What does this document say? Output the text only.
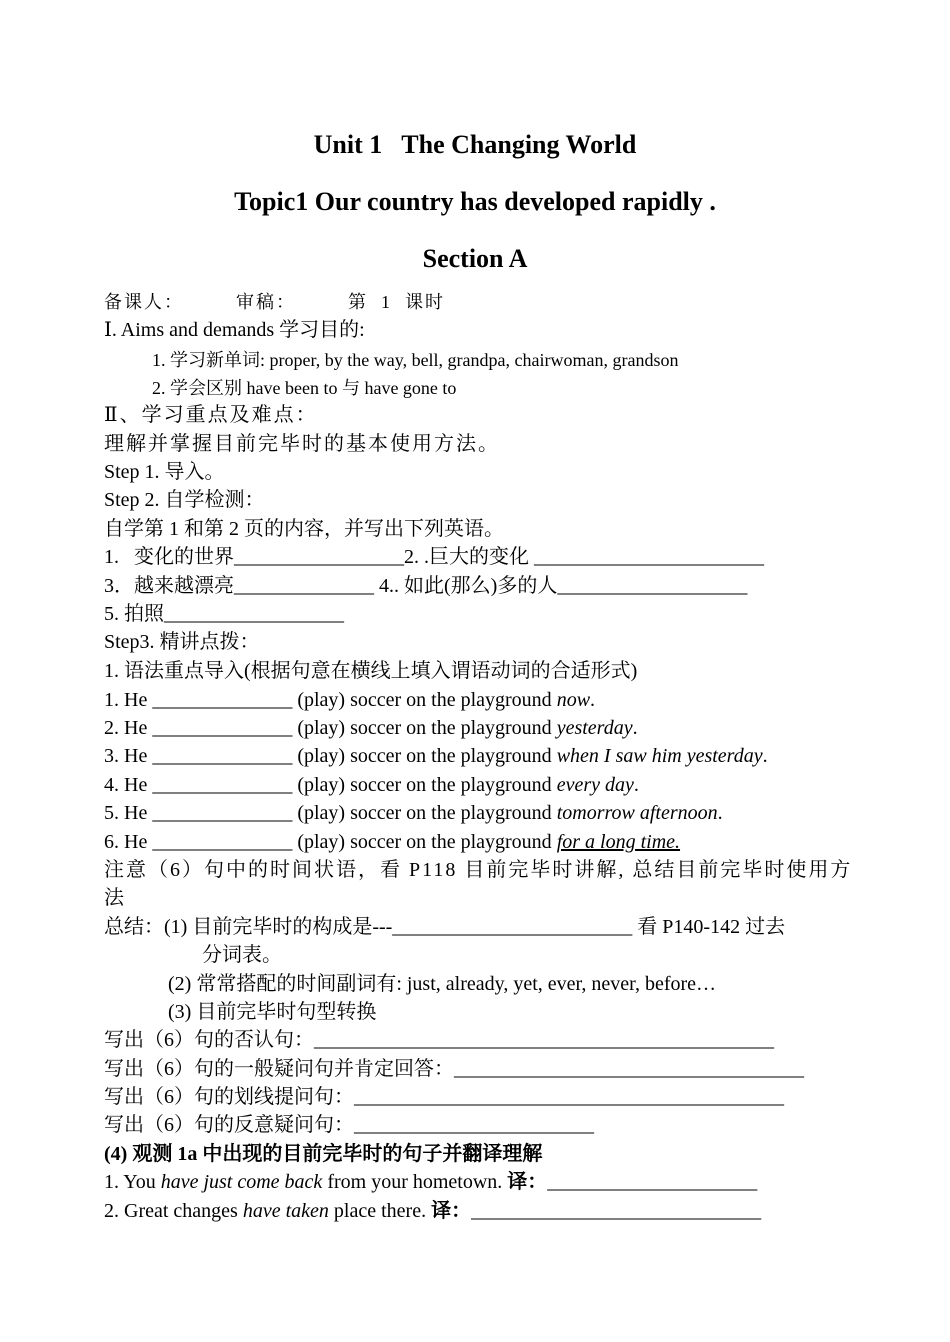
Unit 1   The Changing World
Topic1 Our country has developed rapidly .
Section A
备课人：        审稿：        第  1  课时
Ⅰ. Aims and demands 学习目的:
1. 学习新单词: proper, by the way, bell, grandpa, chairwoman, grandson
2. 学会区别 have been to 与 have gone to
Ⅱ、学习重点及难点：
理解并掌握目前完毕时的基本使用方法。
Step 1. 导入。
Step 2. 自学检测：
自学第 1 和第 2 页的内容，并写出下列英语。
1.   变化的世界_________________2. .巨大的变化 _______________________
3．越来越漂亮______________ 4.. 如此(那么)多的人___________________
5. 拍照__________________
Step3. 精讲点拨：
1. 语法重点导入(根据句意在横线上填入谓语动词的合适形式)
1. He ______________ (play) soccer on the playground now.
2. He ______________ (play) soccer on the playground yesterday.
3. He ______________ (play) soccer on the playground when I saw him yesterday.
4. He ______________ (play) soccer on the playground every day.
5. He ______________ (play) soccer on the playground tomorrow afternoon.
6. He ______________ (play) soccer on the playground for a long time.
注意（6）句中的时间状语，看 P118 目前完毕时讲解, 总结目前完毕时使用方
法
总结：(1) 目前完毕时的构成是---________________________ 看 P140-142 过去
分词表。
(2) 常常搭配的时间副词有: just, already, yet, ever, never, before…
(3) 目前完毕时句型转换
写出（6）句的否认句：______________________________________________
写出（6）句的一般疑问句并肯定回答：___________________________________
写出（6）句的划线提问句：___________________________________________
写出（6）句的反意疑问句：________________________
(4) 观测 1a 中出现的目前完毕时的句子并翻译理解
1. You have just come back from your hometown. 译：_____________________
2. Great changes have taken place there. 译：_____________________________
